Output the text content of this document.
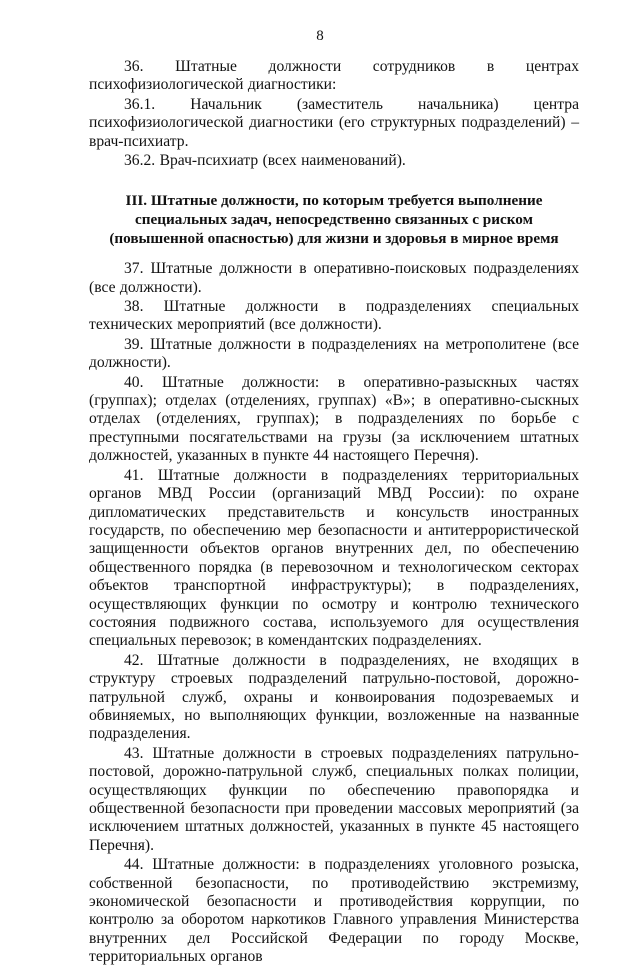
8

36. Штатные должности сотрудников в центрах психофизиологической диагностики:

36.1. Начальник (заместитель начальника) центра психофизиологической диагностики (его структурных подразделений) – врач-психиатр.

36.2. Врач-психиатр (всех наименований).

III. Штатные должности, по которым требуется выполнение
специальных задач, непосредственно связанных с риском
(повышенной опасностью) для жизни и здоровья в мирное время

37. Штатные должности в оперативно-поисковых подразделениях (все должности).

38. Штатные должности в подразделениях специальных технических мероприятий (все должности).

39. Штатные должности в подразделениях на метрополитене (все должности).

40. Штатные должности: в оперативно-разыскных частях (группах); отделах (отделениях, группах) «В»; в оперативно-сыскных отделах (отделениях, группах); в подразделениях по борьбе с преступными посягательствами на грузы (за исключением штатных должностей, указанных в пункте 44 настоящего Перечня).

41. Штатные должности в подразделениях территориальных органов МВД России (организаций МВД России): по охране дипломатических представительств и консульств иностранных государств, по обеспечению мер безопасности и антитеррористической защищенности объектов органов внутренних дел, по обеспечению общественного порядка (в перевозочном и технологическом секторах объектов транспортной инфраструктуры); в подразделениях, осуществляющих функции по осмотру и контролю технического состояния подвижного состава, используемого для осуществления специальных перевозок; в комендантских подразделениях.

42. Штатные должности в подразделениях, не входящих в структуру строевых подразделений патрульно-постовой, дорожно-патрульной служб, охраны и конвоирования подозреваемых и обвиняемых, но выполняющих функции, возложенные на названные подразделения.

43. Штатные должности в строевых подразделениях патрульно-постовой, дорожно-патрульной служб, специальных полках полиции, осуществляющих функции по обеспечению правопорядка и общественной безопасности при проведении массовых мероприятий (за исключением штатных должностей, указанных в пункте 45 настоящего Перечня).

44. Штатные должности: в подразделениях уголовного розыска, собственной безопасности, по противодействию экстремизму, экономической безопасности и противодействия коррупции, по контролю за оборотом наркотиков Главного управления Министерства внутренних дел Российской Федерации по городу Москве, территориальных органов
